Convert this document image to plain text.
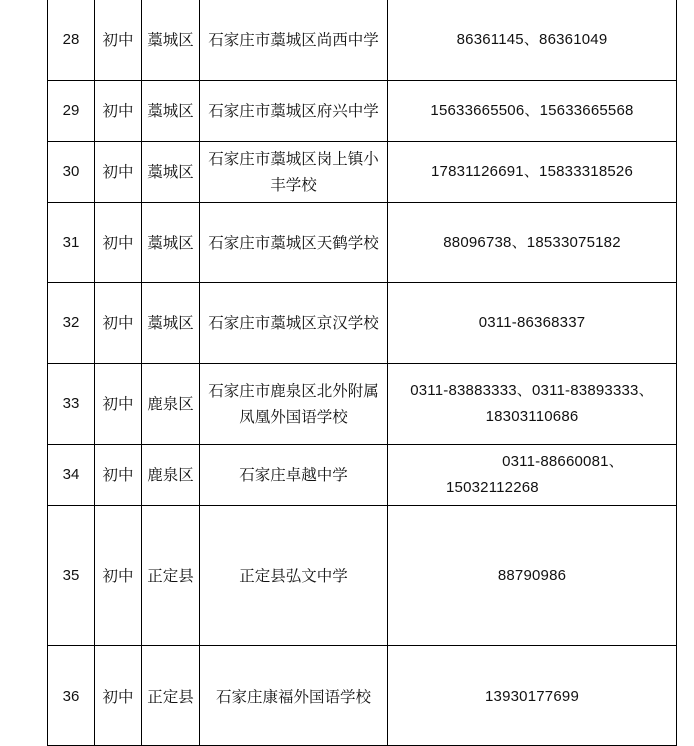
28	初中	藁城区	石家庄市藁城区尚西中学	86361145、86361049
29	初中	藁城区	石家庄市藁城区府兴中学	15633665506、15633665568
30	初中	藁城区	石家庄市藁城区岗上镇小丰学校	17831126691、15833318526
31	初中	藁城区	石家庄市藁城区天鹤学校	88096738、18533075182
32	初中	藁城区	石家庄市藁城区京汉学校	0311-86368337
33	初中	鹿泉区	石家庄市鹿泉区北外附属凤凰外国语学校	0311-83883333、0311-83893333、18303110686
34	初中	鹿泉区	石家庄卓越中学	0311-88660081、
15032112268

35	初中	正定县	正定县弘文中学	88790986
36	初中	正定县	石家庄康福外国语学校	13930177699
